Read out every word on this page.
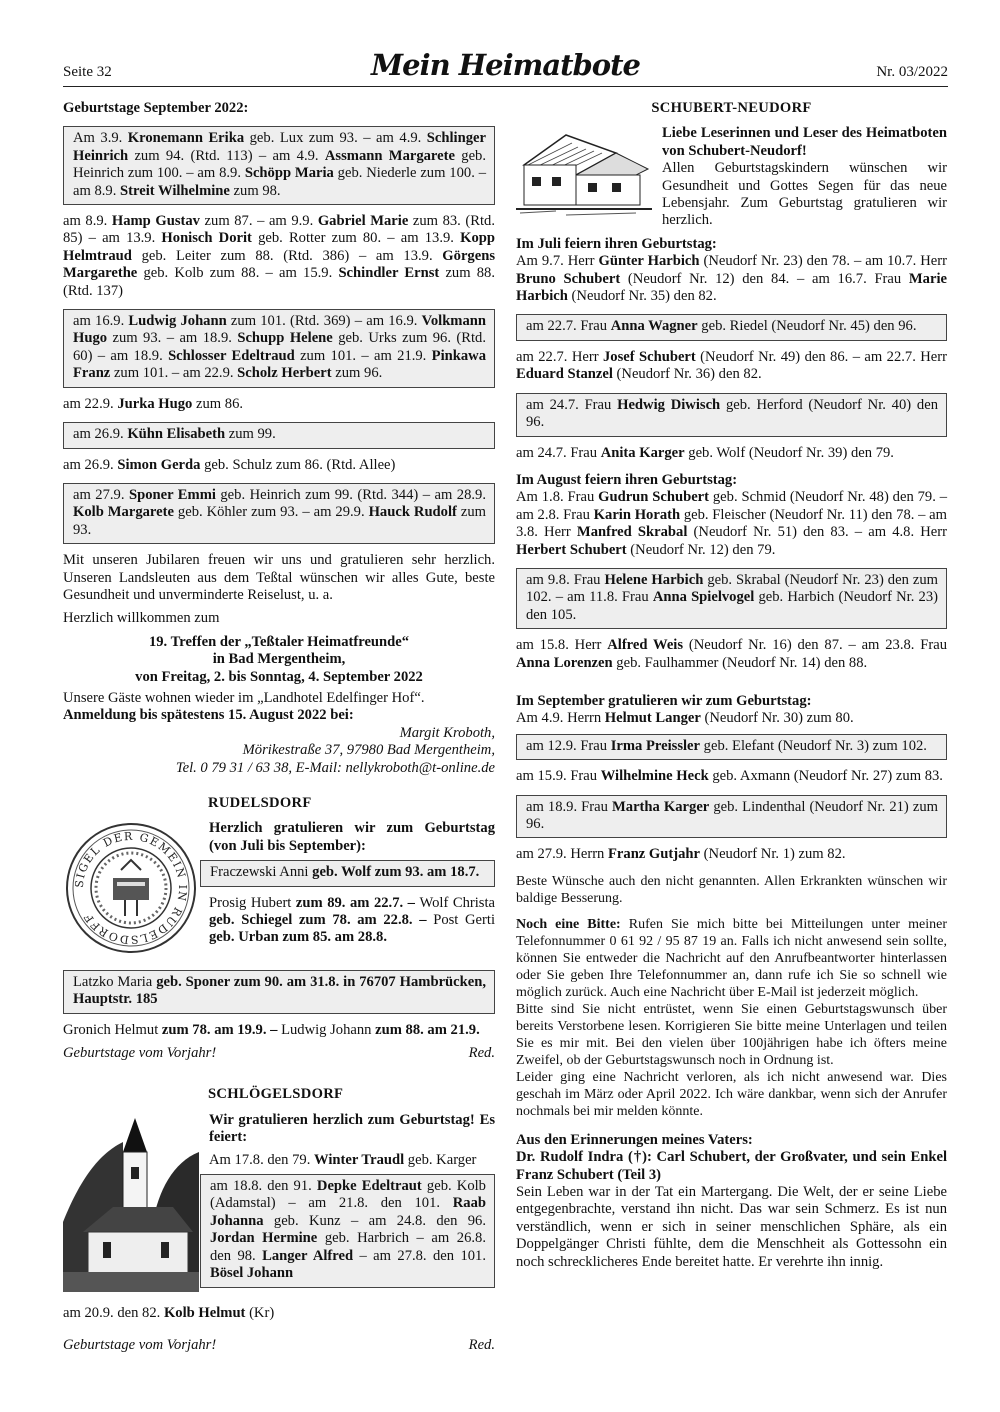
Seite 32	Mein Heimatbote	Nr. 03/2022

Geburtstage September 2022:

Am 3.9. Kronemann Erika geb. Lux zum 93. – am 4.9. Schlinger Heinrich zum 94. (Rtd. 113) – am 4.9. Assmann Margarete geb. Heinrich zum 100. – am 8.9. Schöpp Maria geb. Niederle zum 100. – am 8.9. Streit Wilhelmine zum 98.

am 8.9. Hamp Gustav zum 87. – am 9.9. Gabriel Marie zum 83. (Rtd. 85) – am 13.9. Honisch Dorit geb. Rotter zum 80. – am 13.9. Kopp Helmtraud geb. Leiter zum 88. (Rtd. 386) – am 13.9. Görgens Margarethe geb. Kolb zum 88. – am 15.9. Schindler Ernst zum 88. (Rtd. 137)

am 16.9. Ludwig Johann zum 101. (Rtd. 369) – am 16.9. Volkmann Hugo zum 93. – am 18.9. Schupp Helene geb. Urks zum 96. (Rtd. 60) – am 18.9. Schlosser Edeltraud zum 101. – am 21.9. Pinkawa Franz zum 101. – am 22.9. Scholz Herbert zum 96.

am 22.9. Jurka Hugo zum 86.

am 26.9. Kühn Elisabeth zum 99.

am 26.9. Simon Gerda geb. Schulz zum 86. (Rtd. Allee)

am 27.9. Sponer Emmi geb. Heinrich zum 99. (Rtd. 344) – am 28.9. Kolb Margarete geb. Köhler zum 93. – am 29.9. Hauck Rudolf zum 93.

Mit unseren Jubilaren freuen wir uns und gratulieren sehr herzlich. Unseren Landsleuten aus dem Teßtal wünschen wir alles Gute, beste Gesundheit und unverminderte Reiselust, u. a.

Herzlich willkommen zum

19. Treffen der „Teßtaler Heimatfreunde“
in Bad Mergentheim,
von Freitag, 2. bis Sonntag, 4. September 2022
Unsere Gäste wohnen wieder im „Landhotel Edelfinger Hof“.
Anmeldung bis spätestens 15. August 2022 bei:
Margit Kroboth,
Mörikestraße 37, 97980 Bad Mergentheim,
Tel. 0 79 31 / 63 38, E-Mail: nellykroboth@t-online.de
RUDELSDORF
SIGEL DER GEMEIN IN RUDELSDORFF

Herzlich gratulieren wir zum Geburtstag (von Juli bis September):

Fraczewski Anni geb. Wolf zum 93. am 18.7.

Prosig Hubert zum 89. am 22.7. – Wolf Christa geb. Schiegel zum 78. am 22.8. – Post Gerti geb. Urban zum 85. am 28.8.

Latzko Maria geb. Sponer zum 90. am 31.8. in 76707 Hambrücken, Hauptstr. 185

Gronich Helmut zum 78. am 19.9. – Ludwig Johann zum 88. am 21.9.

Geburtstage vom Vorjahr!	Red.
SCHLÖGELSDORF

Wir gratulieren herzlich zum Geburtstag! Es feiert:

Am 17.8. den 79. Winter Traudl geb. Karger

am 18.8. den 91. Depke Edeltraut geb. Kolb (Adamstal) – am 21.8. den 101. Raab Johanna geb. Kunz – am 24.8. den 96. Jordan Hermine geb. Harbrich – am 26.8. den 98. Langer Alfred – am 27.8. den 101. Bösel Johann

am 20.9. den 82. Kolb Helmut (Kr)

Geburtstage vom Vorjahr!	Red.
SCHUBERT-NEUDORF
Liebe Leserinnen und Leser des Heimatboten von Schubert-Neudorf!
Allen Geburtstagskindern wünschen wir Gesundheit und Gottes Segen für das neue Lebensjahr. Zum Geburtstag gratulieren wir herzlich.
Im Juli feiern ihren Geburtstag:

Am 9.7. Herr Günter Harbich (Neudorf Nr. 23) den 78. – am 10.7. Herr Bruno Schubert (Neudorf Nr. 12) den 84. – am 16.7. Frau Marie Harbich (Neudorf Nr. 35) den 82.

am 22.7. Frau Anna Wagner geb. Riedel (Neudorf Nr. 45) den 96.

am 22.7. Herr Josef Schubert (Neudorf Nr. 49) den 86. – am 22.7. Herr Eduard Stanzel (Neudorf Nr. 36) den 82.

am 24.7. Frau Hedwig Diwisch geb. Herford (Neudorf Nr. 40) den 96.

am 24.7. Frau Anita Karger geb. Wolf (Neudorf Nr. 39) den 79.

Im August feiern ihren Geburtstag:

Am 1.8. Frau Gudrun Schubert geb. Schmid (Neudorf Nr. 48) den 79. – am 2.8. Frau Karin Horath geb. Fleischer (Neudorf Nr. 11) den 78. – am 3.8. Herr Manfred Skrabal (Neudorf Nr. 51) den 83. – am 4.8. Herr Herbert Schubert (Neudorf Nr. 12) den 79.

am 9.8. Frau Helene Harbich geb. Skrabal (Neudorf Nr. 23) den zum 102. – am 11.8. Frau Anna Spielvogel geb. Harbich (Neudorf Nr. 23) den 105.

am 15.8. Herr Alfred Weis (Neudorf Nr. 16) den 87. – am 23.8. Frau Anna Lorenzen geb. Faulhammer (Neudorf Nr. 14) den 88.

Im September gratulieren wir zum Geburtstag:

Am 4.9. Herrn Helmut Langer (Neudorf Nr. 30) zum 80.

am 12.9. Frau Irma Preissler geb. Elefant (Neudorf Nr. 3) zum 102.

am 15.9. Frau Wilhelmine Heck geb. Axmann (Neudorf Nr. 27) zum 83.

am 18.9. Frau Martha Karger geb. Lindenthal (Neudorf Nr. 21) zum 96.

am 27.9. Herrn Franz Gutjahr (Neudorf Nr. 1) zum 82.

Beste Wünsche auch den nicht genannten. Allen Erkrankten wünschen wir baldige Besserung.

Noch eine Bitte: Rufen Sie mich bitte bei Mitteilungen unter meiner Telefonnummer 0 61 92 / 95 87 19 an. Falls ich nicht anwesend sein sollte, können Sie entweder die Nachricht auf den Anrufbeantworter hinterlassen oder Sie geben Ihre Telefonnummer an, dann rufe ich Sie so schnell wie möglich zurück. Auch eine Nachricht über E-Mail ist jederzeit möglich.
Bitte sind Sie nicht entrüstet, wenn Sie einen Geburtstagswunsch über bereits Verstorbene lesen. Korrigieren Sie bitte meine Unterlagen und teilen Sie es mir mit. Bei den vielen über 100jährigen habe ich öfters meine Zweifel, ob der Geburtstagswunsch noch in Ordnung ist.
Leider ging eine Nachricht verloren, als ich nicht anwesend war. Dies geschah im März oder April 2022. Ich wäre dankbar, wenn sich der Anrufer nochmals bei mir melden könnte.
Aus den Erinnerungen meines Vaters:
Dr. Rudolf Indra (†): Carl Schubert, der Großvater, und sein Enkel Franz Schubert (Teil 3)
Sein Leben war in der Tat ein Martergang. Die Welt, der er seine Liebe entgegenbrachte, verstand ihn nicht. Das war sein Schmerz. Es ist nun verständlich, wenn er sich in seiner menschlichen Sphäre, als ein Doppelgänger Christi fühlte, dem die Menschheit als Gottessohn ein noch schrecklicheres Ende bereitet hatte. Er verehrte ihn innig.
